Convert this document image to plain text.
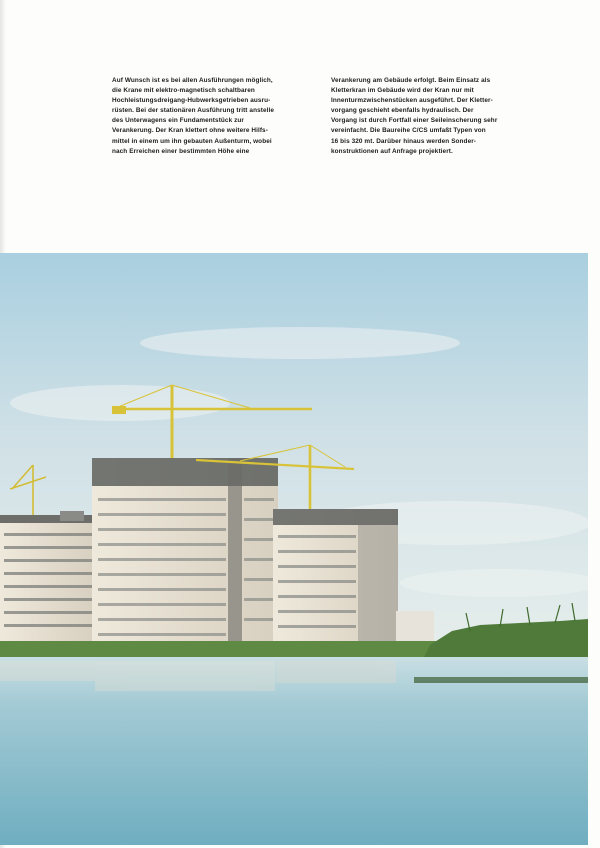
Auf Wunsch ist es bei allen Ausführungen möglich,

die Krane mit elektro-magnetisch schaltbaren

Hochleistungsdreigang-Hubwerksgetrieben ausru-

rüsten. Bei der stationären Ausführung tritt anstelle

des Unterwagens ein Fundamentstück zur

Verankerung. Der Kran klettert ohne weitere Hilfs-

mittel in einem um ihn gebauten Außenturm, wobei

nach Erreichen einer bestimmten Höhe eine

Verankerung am Gebäude erfolgt. Beim Einsatz als

Kletterkran im Gebäude wird der Kran nur mit

Innenturmzwischenstücken ausgeführt. Der Kletter-

vorgang geschieht ebenfalls hydraulisch. Der

Vorgang ist durch Fortfall einer Seileinscherung sehr

vereinfacht. Die Baureihe C/CS umfaßt Typen von

16 bis 320 mt. Darüber hinaus werden Sonder-

konstruktionen auf Anfrage projektiert.
